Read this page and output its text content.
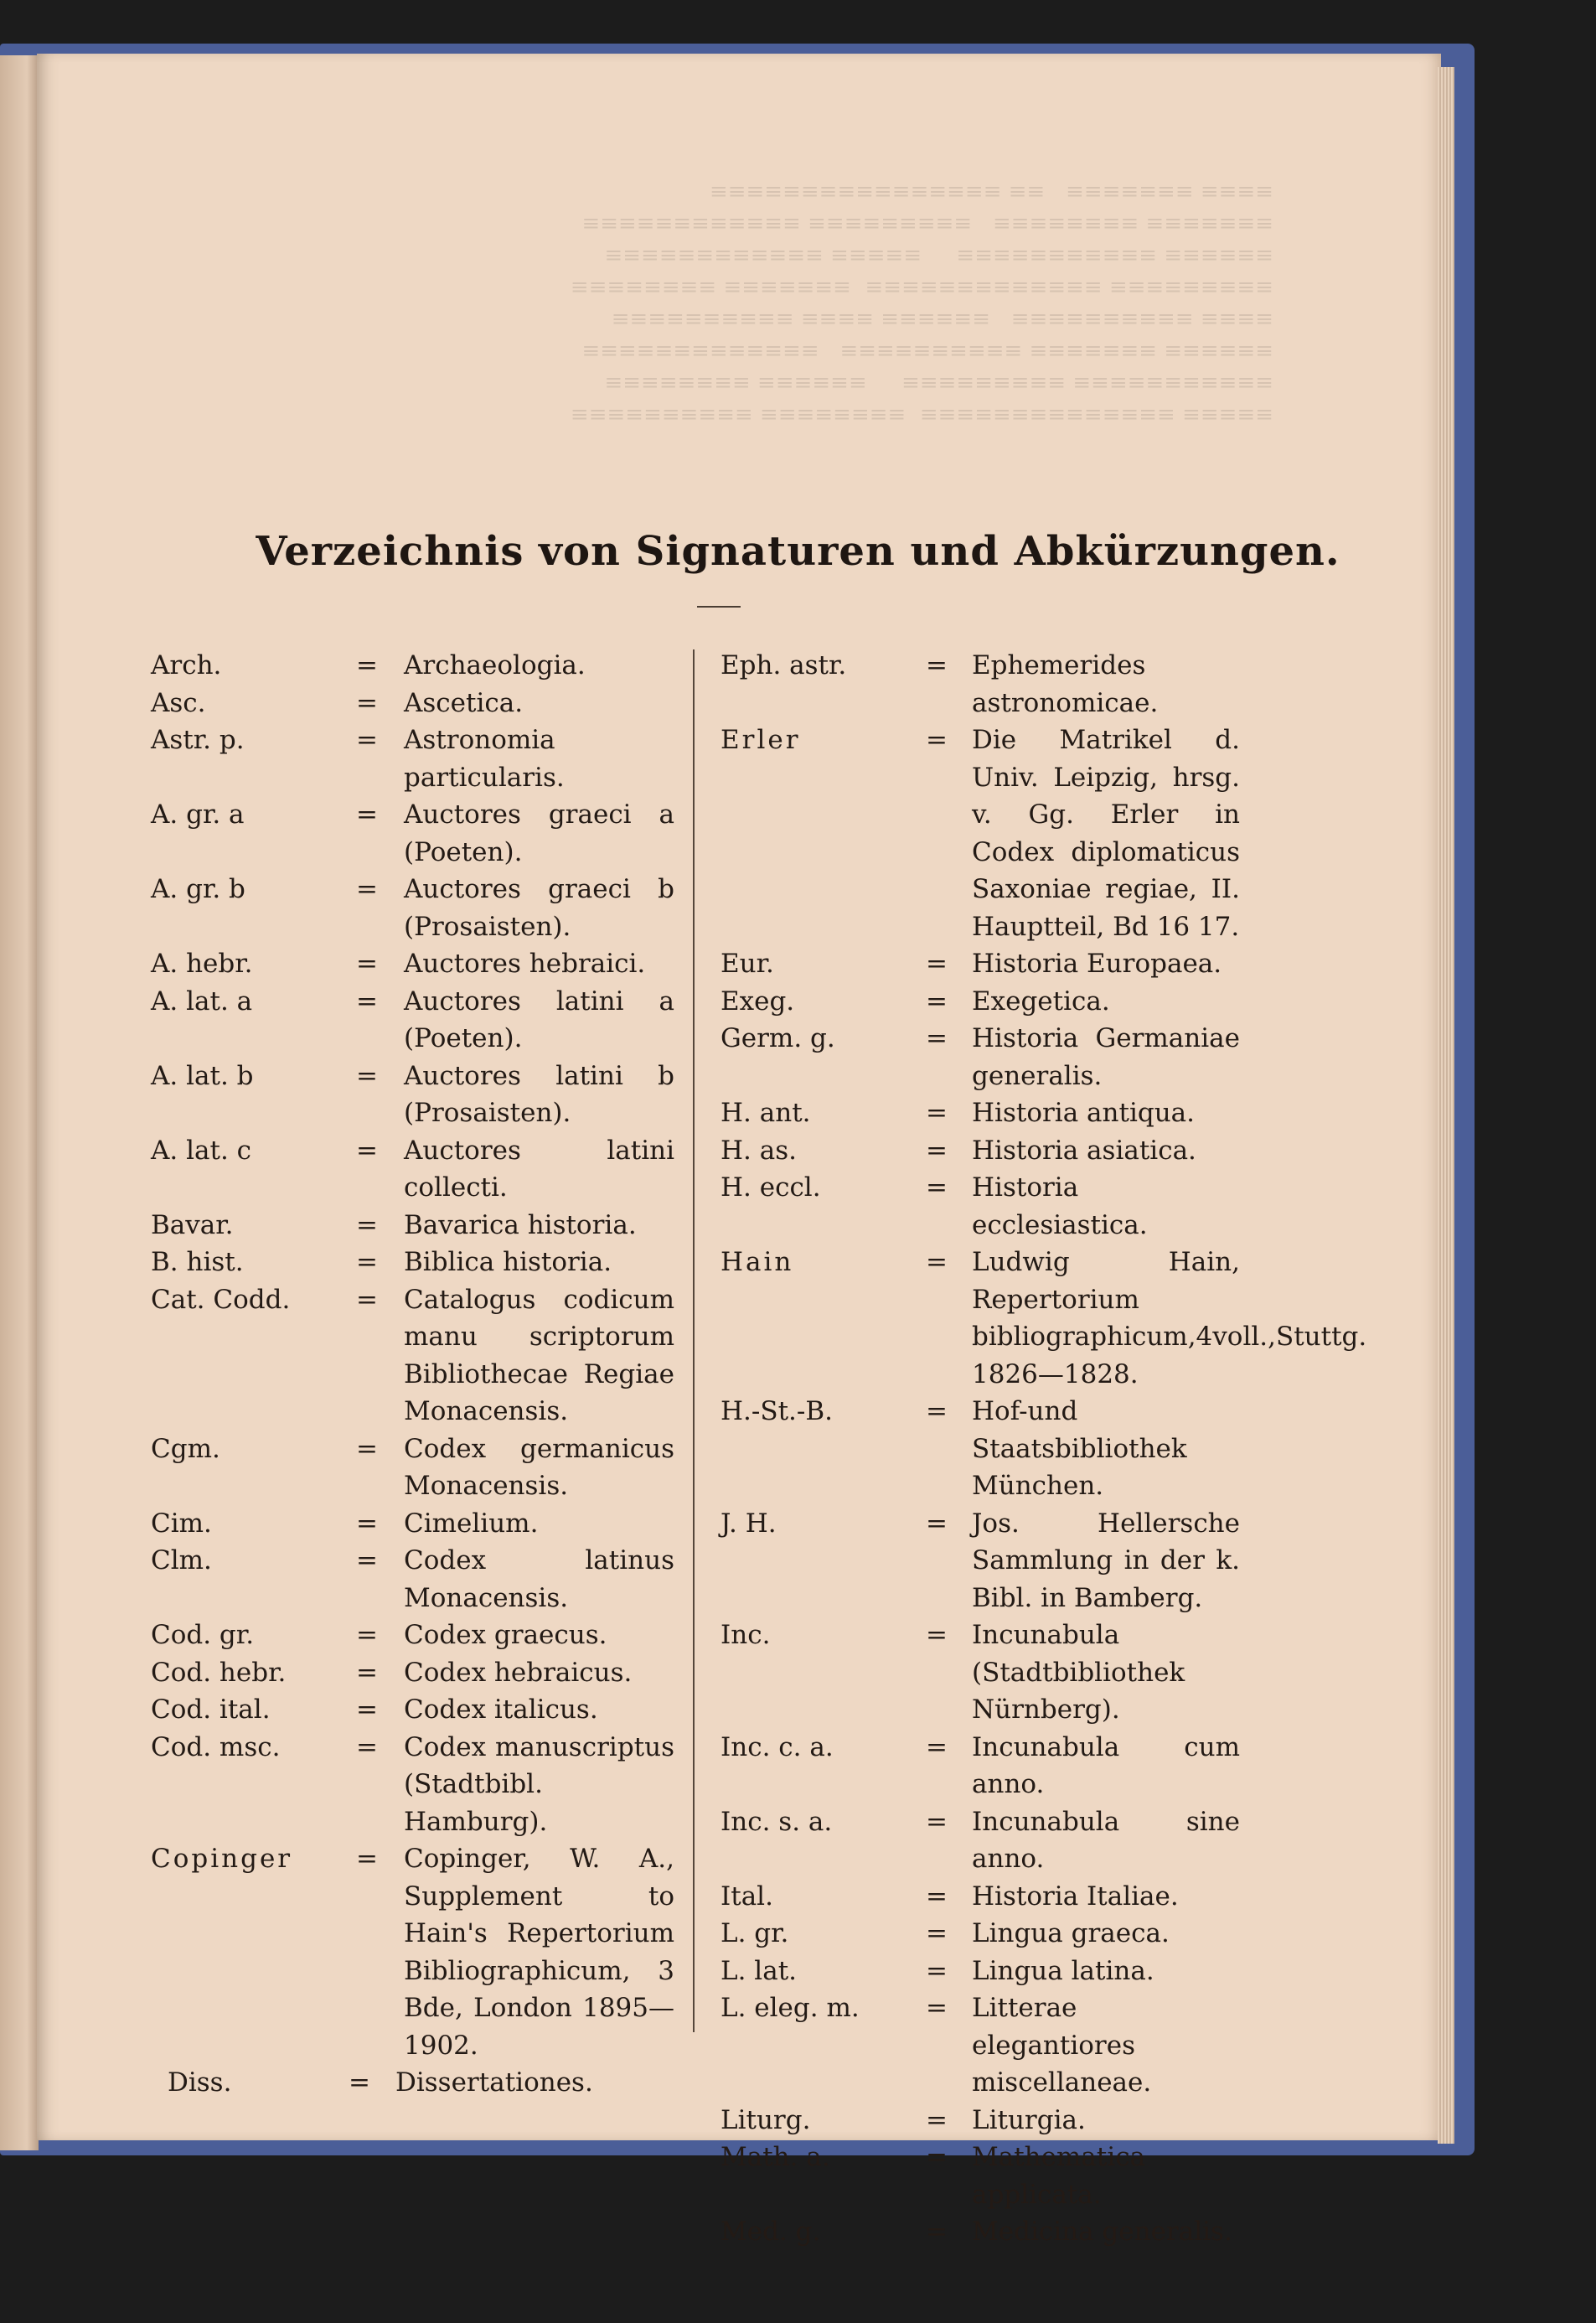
Verzeichnis von Signaturen und Abkürzungen.
Arch.	= Archaeologia.
Asc.	= Ascetica.
Astr. p.	= Astronomia particularis.
A. gr. a	= Auctores graeci a (Poeten).
A. gr. b	= Auctores graeci b (Prosaisten).
A. hebr.	= Auctores hebraici.
A. lat. a	= Auctores latini a (Poeten).
A. lat. b	= Auctores latini b (Prosaisten).
A. lat. c	= Auctores latini collecti.
Bavar.	= Bavarica historia.
B. hist.	= Biblica historia.
Cat. Codd.	= Catalogus codicum manu scriptorum Bibliothecae Regiae Monacensis.
Cgm.	= Codex germanicus Monacensis.
Cim.	= Cimelium.
Clm.	= Codex latinus Monacensis.
Cod. gr.	= Codex graecus.
Cod. hebr.	= Codex hebraicus.
Cod. ital.	= Codex italicus.
Cod. msc.	= Codex manuscriptus (Stadtbibl. Hamburg).
Copinger = Copinger, W. A., Supplement to Hain's Repertorium Bibliographicum, 3 Bde, London 1895—1902.
Diss.	= Dissertationes.
Eph. astr.	= Ephemerides astronomicae.
Erler	= Die Matrikel d. Univ. Leipzig, hrsg. v. Gg. Erler in Codex diplomaticus Saxoniae regiae, II. Hauptteil, Bd 16 17.
Eur.	= Historia Europaea.
Exeg.	= Exegetica.
Germ. g.	= Historia Germaniae generalis.
H. ant.	= Historia antiqua.
H. as.	= Historia asiatica.
H. eccl.	= Historia ecclesiastica.
Hain	= Ludwig Hain, Repertorium bibliographicum,4voll.,Stuttg. 1826—1828.
H.-St.-B.	= Hof-und Staatsbibliothek München.
J. H.	= Jos. Hellersche Sammlung in der k. Bibl. in Bamberg.
Inc.	= Incunabula (Stadtbibliothek Nürnberg).
Inc. c. a.	= Incunabula cum anno.
Inc. s. a.	= Incunabula sine anno.
Ital.	= Historia Italiae.
L. gr.	= Lingua graeca.
L. lat.	= Lingua latina.
L. eleg. m.	= Litterae elegantiores miscellaneae.
Liturg.	= Liturgia.
Math. a.	= Mathematica applicata.
Med. g.	= Medicina generalis.
